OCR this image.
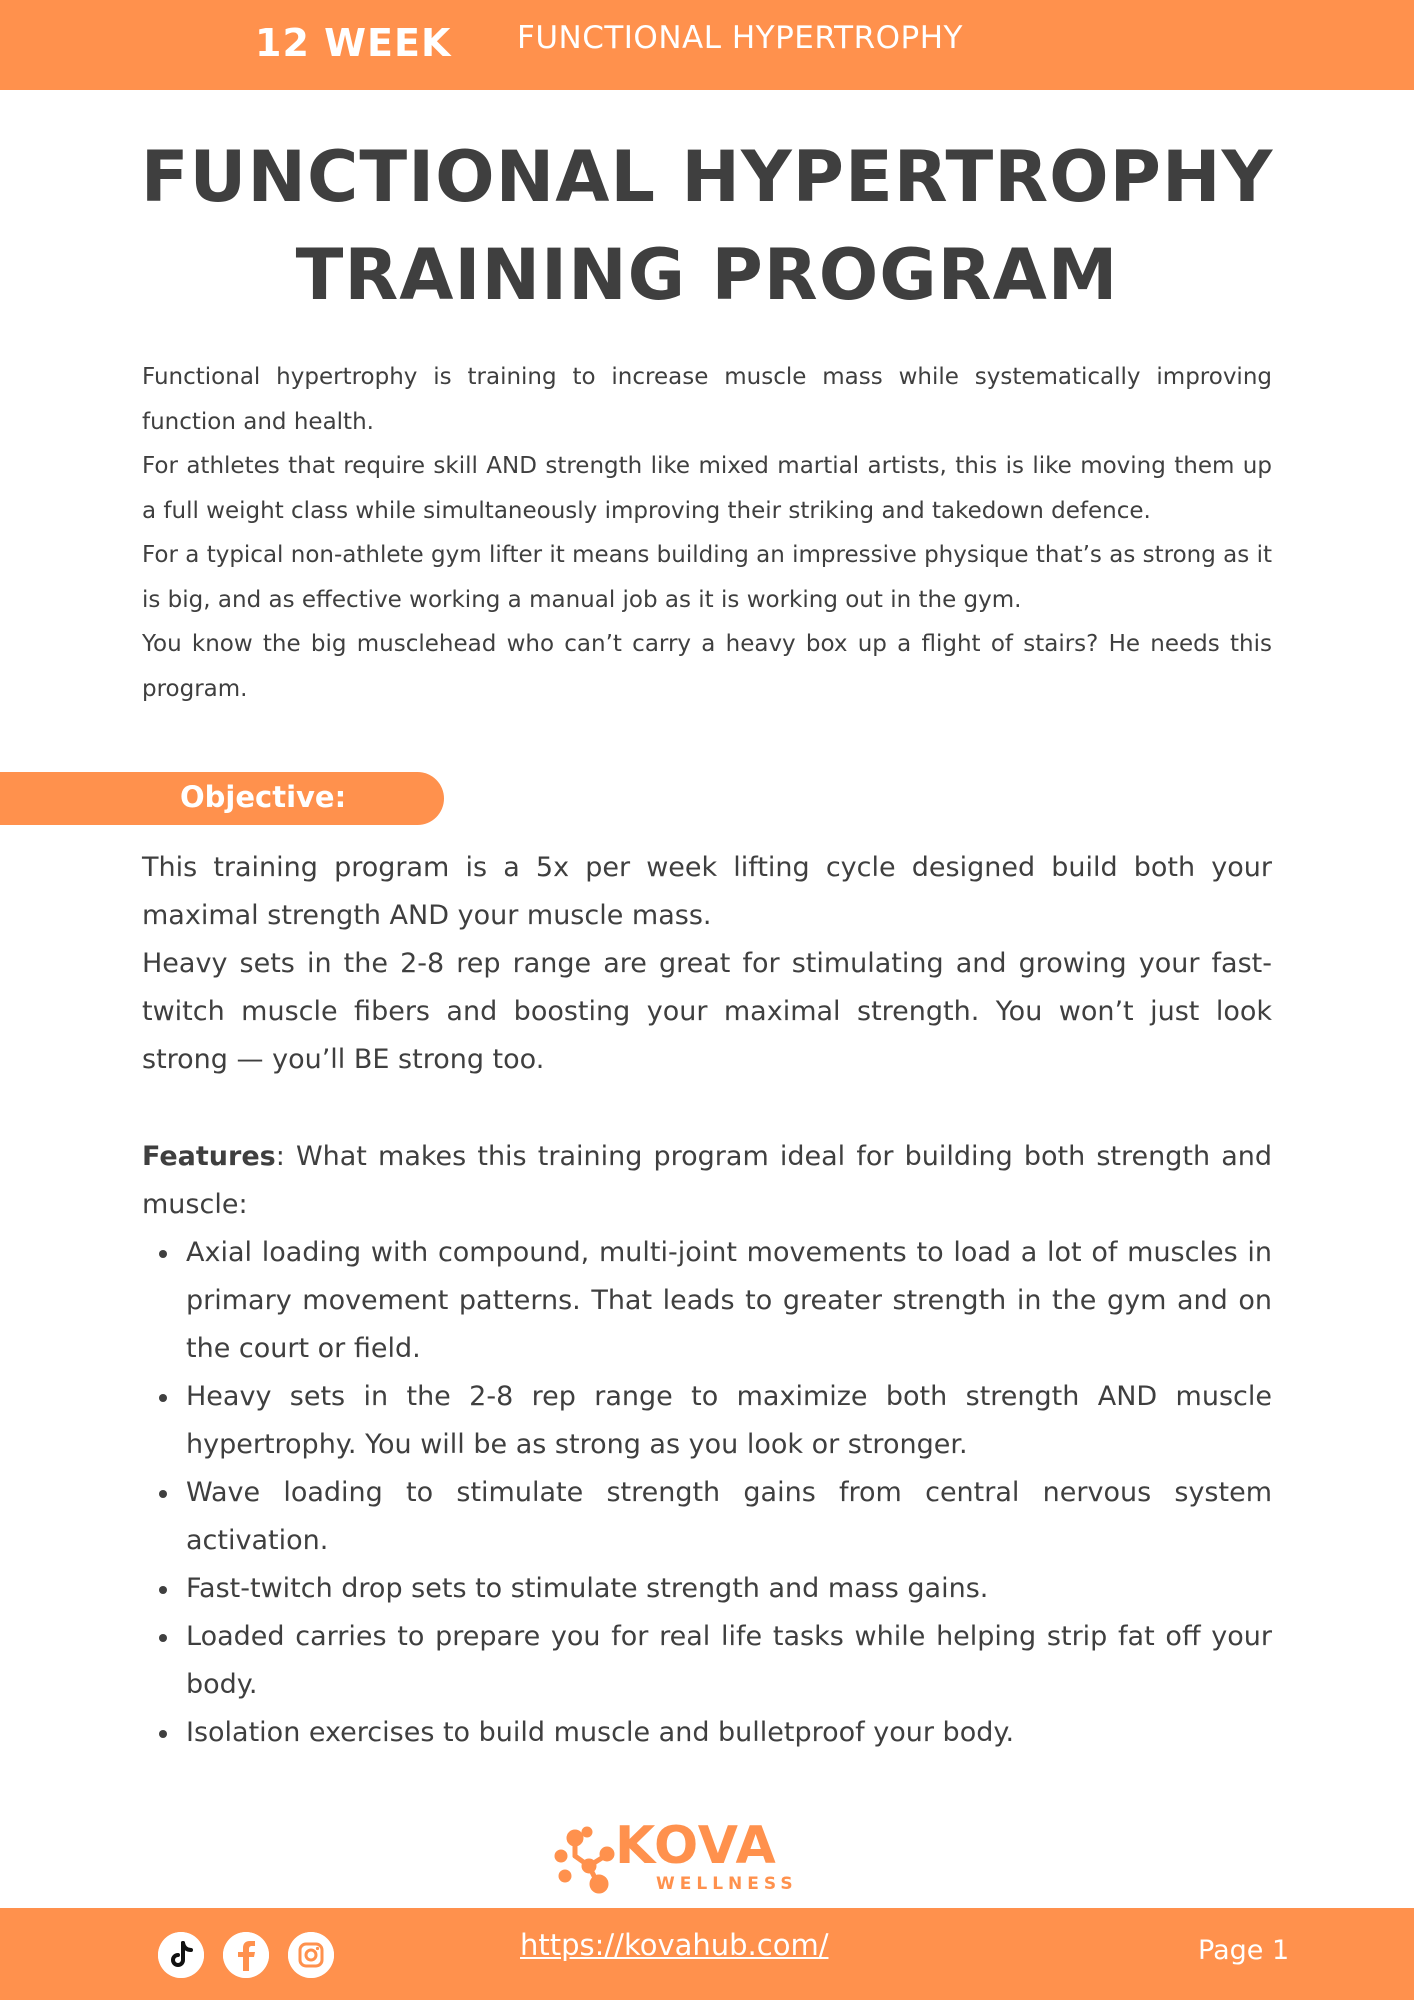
12 WEEK FUNCTIONAL HYPERTROPHY
FUNCTIONAL HYPERTROPHY
TRAINING PROGRAM

Functional hypertrophy is training to increase muscle mass while systematically improving function and health.

For athletes that require skill AND strength like mixed martial artists, this is like moving them up a full weight class while simultaneously improving their striking and takedown defence.

For a typical non-athlete gym lifter it means building an impressive physique that’s as strong as it is big, and as effective working a manual job as it is working out in the gym.

You know the big musclehead who can’t carry a heavy box up a flight of stairs? He needs this program.

Objective:

This training program is a 5x per week lifting cycle designed build both your maximal strength AND your muscle mass.

Heavy sets in the 2-8 rep range are great for stimulating and growing your fast-twitch muscle fibers and boosting your maximal strength. You won’t just look strong — you’ll BE strong too.

Features: What makes this training program ideal for building both strength and muscle:

Axial loading with compound, multi-joint movements to load a lot of muscles in primary movement patterns. That leads to greater strength in the gym and on the court or field.
Heavy sets in the 2-8 rep range to maximize both strength AND muscle hypertrophy. You will be as strong as you look or stronger.
Wave loading to stimulate strength gains from central nervous system activation.
Fast-twitch drop sets to stimulate strength and mass gains.
Loaded carries to prepare you for real life tasks while helping strip fat off your body.
Isolation exercises to build muscle and bulletproof your body.
KOVA
WELLNESS
https://kovahub.com/	Page 1
